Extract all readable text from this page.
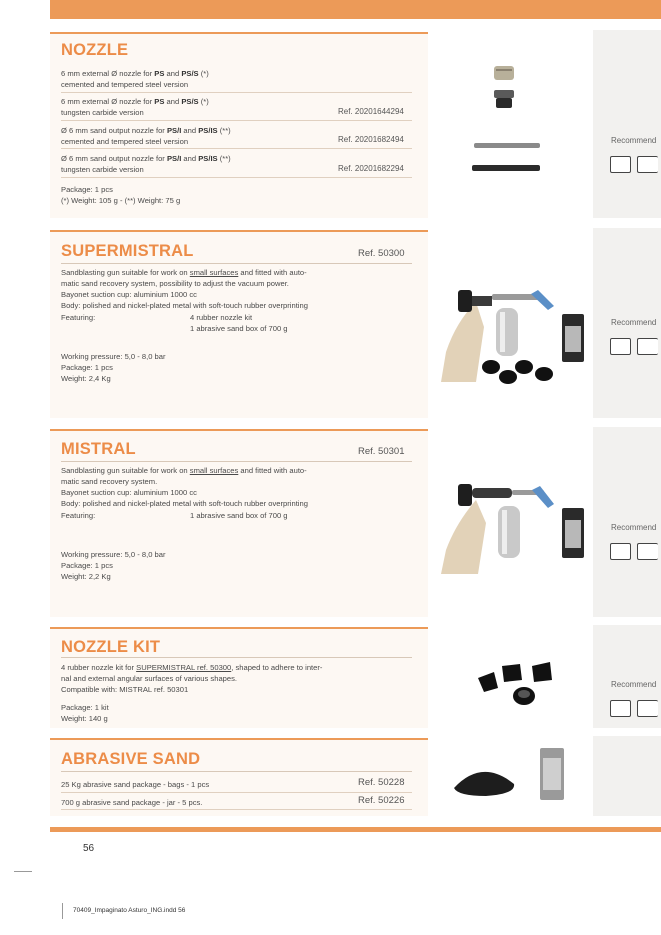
NOZZLE
6 mm external Ø nozzle for PS and PS/S (*)
cemented and tempered steel version
6 mm external Ø nozzle for PS and PS/S (*)
tungsten carbide version	Ref. 20201644294
Ø 6 mm sand output nozzle for PS/I and PS/IS (**)
cemented and tempered steel version	Ref. 20201682494
Ø 6 mm sand output nozzle for PS/I and PS/IS (**)
tungsten carbide version	Ref. 20201682294
Package: 1 pcs
(*) Weight: 105 g - (**) Weight: 75 g
Recommend
SUPERMISTRAL	Ref. 50300
Sandblasting gun suitable for work on small surfaces and fitted with auto-
matic sand recovery system, possibility to adjust the vacuum power.
Bayonet suction cup: aluminium 1000 cc
Body: polished and nickel-plated metal with soft-touch rubber overprinting
Featuring:	4 rubber nozzle kit
1 abrasive sand box of 700 g
Working pressure: 5,0 - 8,0 bar
Package: 1 pcs
Weight: 2,4 Kg
Recommend
MISTRAL	Ref. 50301
Sandblasting gun suitable for work on small surfaces and fitted with auto-
matic sand recovery system.
Bayonet suction cup: aluminium 1000 cc
Body: polished and nickel-plated metal with soft-touch rubber overprinting
Featuring:	1 abrasive sand box of 700 g
Working pressure: 5,0 - 8,0 bar
Package: 1 pcs
Weight: 2,2 Kg
Recommend
NOZZLE KIT
4 rubber nozzle kit for SUPERMISTRAL ref. 50300, shaped to adhere to inter-
nal and external angular surfaces of various shapes.
Compatible with: MISTRAL ref. 50301
Package: 1 kit
Weight: 140 g
Recommend
ABRASIVE SAND
25 Kg abrasive sand package - bags - 1 pcs	Ref. 50228
700 g abrasive sand package - jar - 5 pcs.	Ref. 50226
56
70409_Impaginato Asturo_ING.indd 56
